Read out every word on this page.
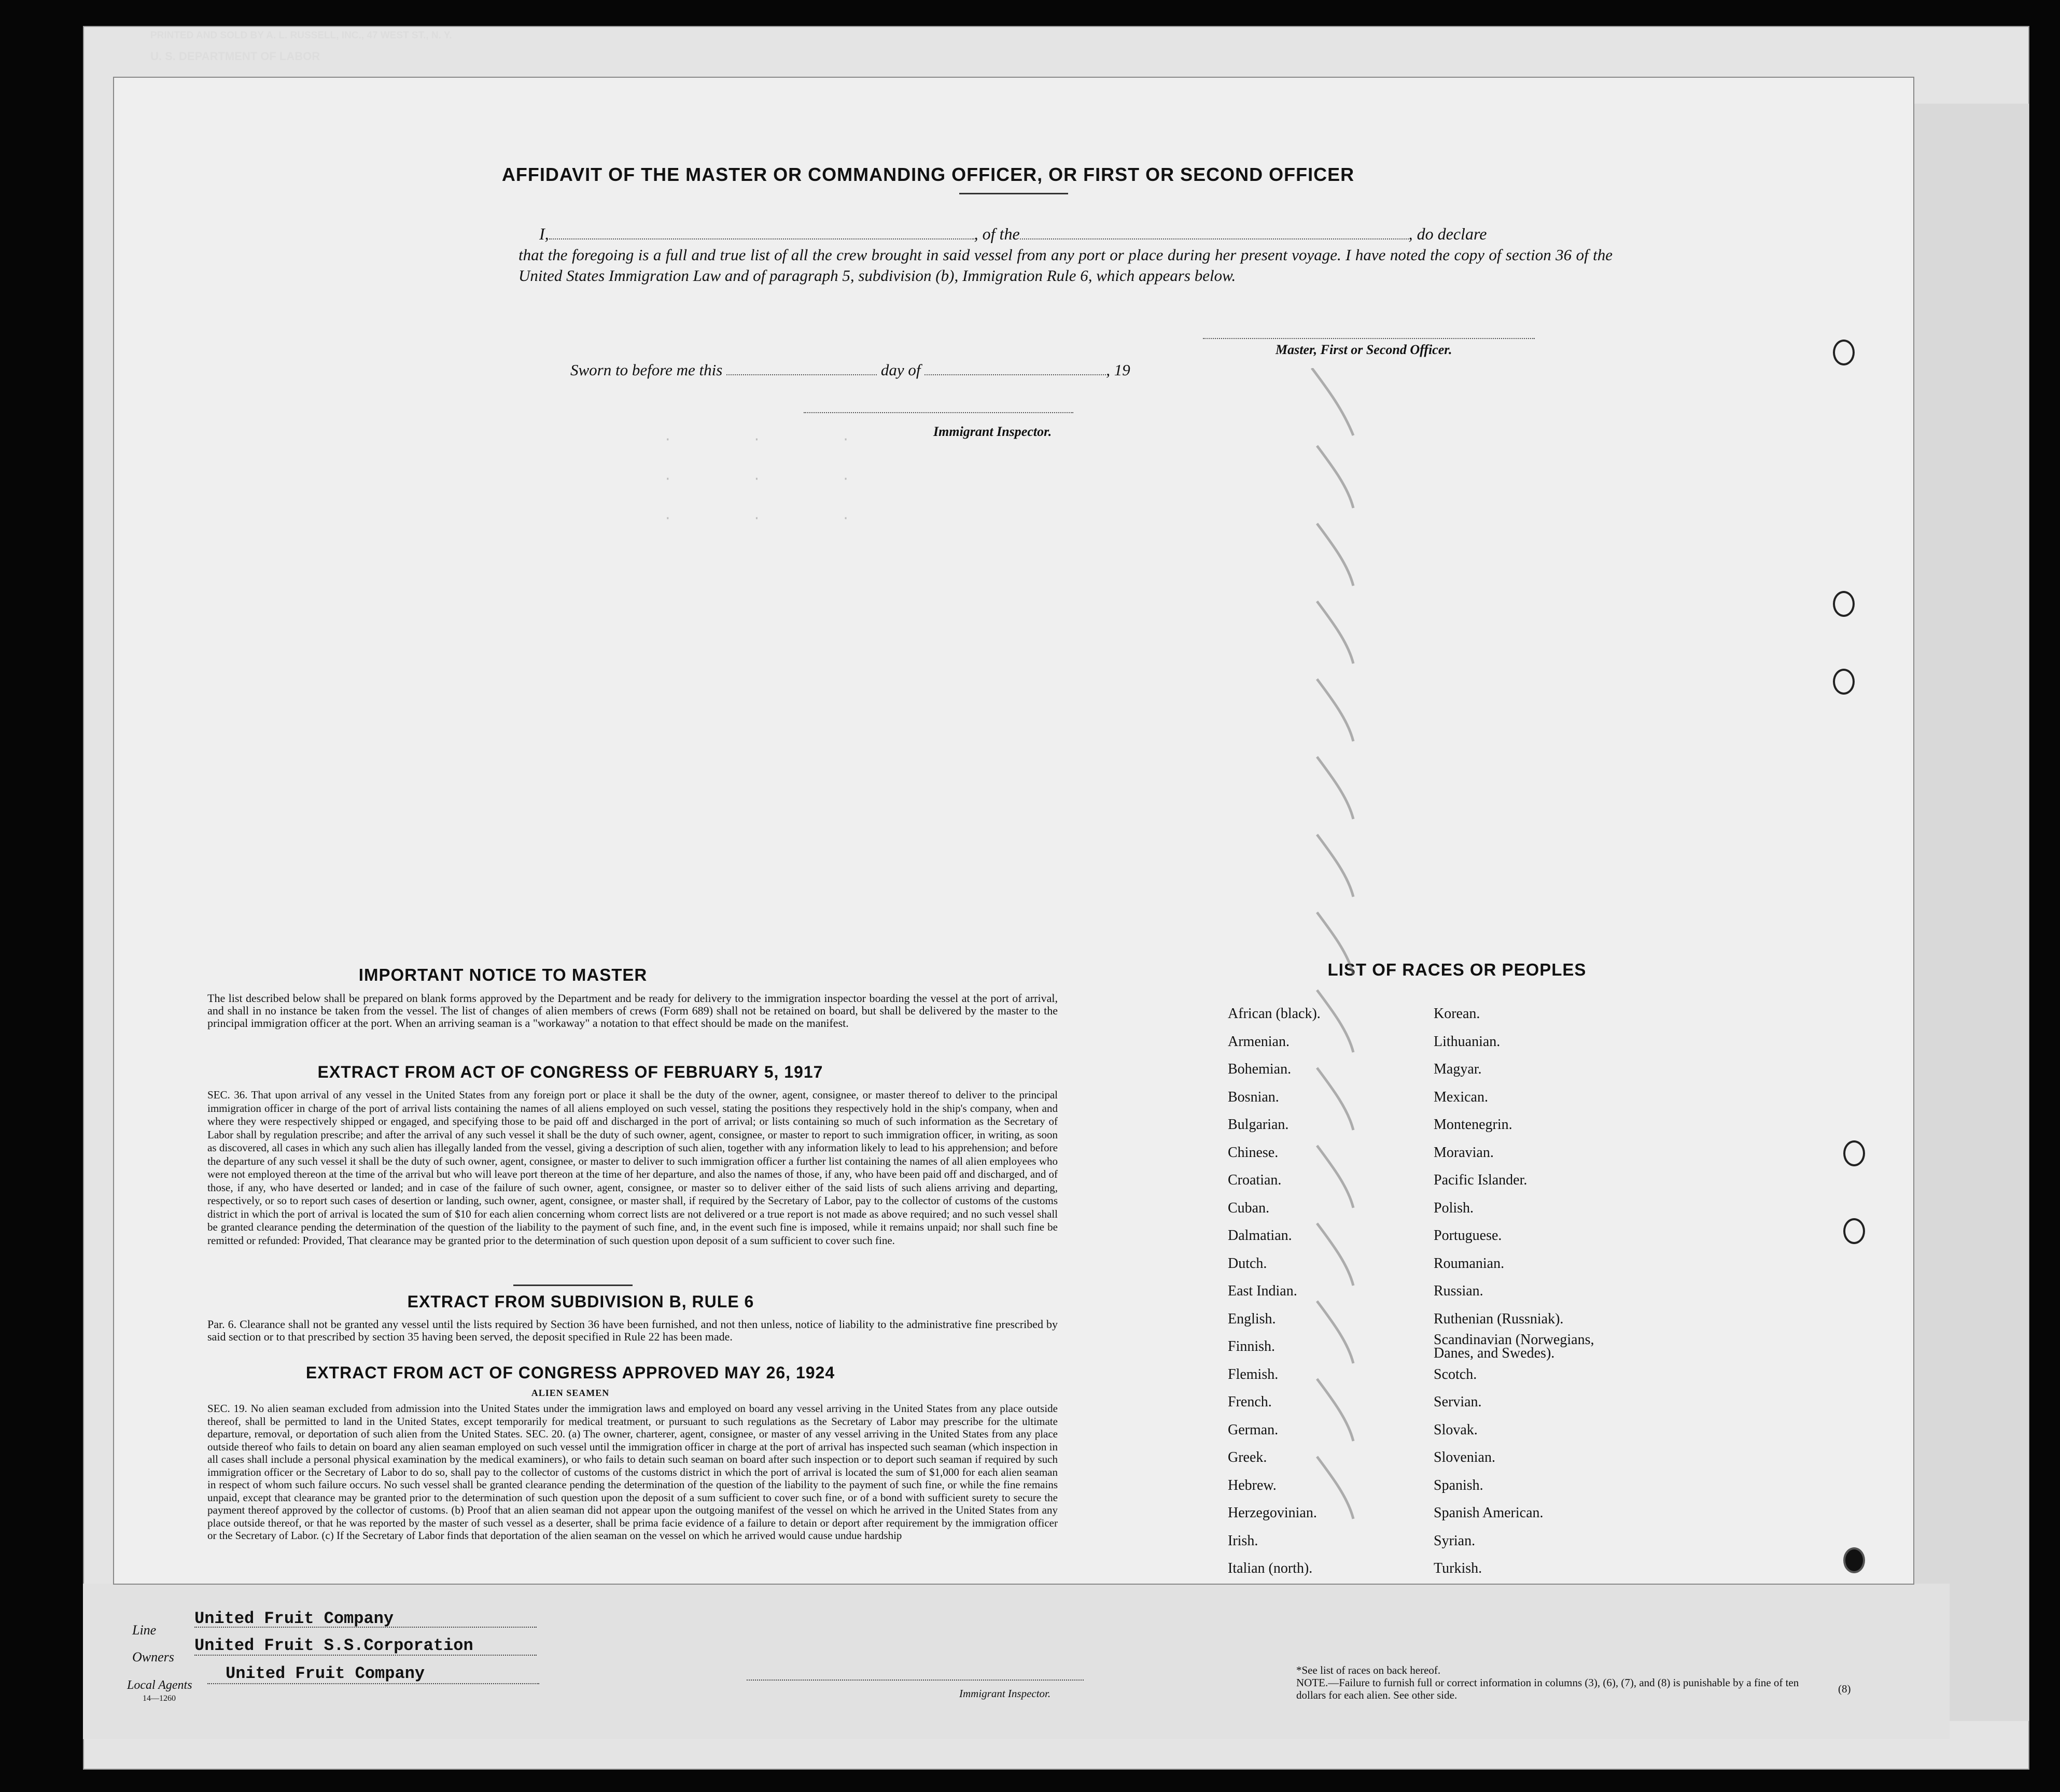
PRINTED AND SOLD BY A. L. RUSSELL, INC., 47 WEST ST., N. Y.
U. S. DEPARTMENT OF LABOR
AFFIDAVIT OF THE MASTER OR COMMANDING OFFICER, OR FIRST OR SECOND OFFICER
I,	, of the	, do declare
that the foregoing is a full and true list of all the crew brought in said vessel from any port or place during her present voyage. I have noted the copy of section 36 of the United States Immigration Law and of paragraph 5, subdivision (b), Immigration Rule 6, which appears below.
Master, First or Second Officer.
Sworn to before me this	day of	, 19
Immigrant Inspector.
·          ·          ·
·          ·          ·
·          ·          ·
IMPORTANT NOTICE TO MASTER
The list described below shall be prepared on blank forms approved by the Department and be ready for delivery to the immigration inspector boarding the vessel at the port of arrival, and shall in no instance be taken from the vessel. The list of changes of alien members of crews (Form 689) shall not be retained on board, but shall be delivered by the master to the principal immigration officer at the port. When an arriving seaman is a "workaway" a notation to that effect should be made on the manifest.
EXTRACT FROM ACT OF CONGRESS OF FEBRUARY 5, 1917
SEC. 36. That upon arrival of any vessel in the United States from any foreign port or place it shall be the duty of the owner, agent, consignee, or master thereof to deliver to the principal immigration officer in charge of the port of arrival lists containing the names of all aliens employed on such vessel, stating the positions they respectively hold in the ship's company, when and where they were respectively shipped or engaged, and specifying those to be paid off and discharged in the port of arrival; or lists containing so much of such information as the Secretary of Labor shall by regulation prescribe; and after the arrival of any such vessel it shall be the duty of such owner, agent, consignee, or master to report to such immigration officer, in writing, as soon as discovered, all cases in which any such alien has illegally landed from the vessel, giving a description of such alien, together with any information likely to lead to his apprehension; and before the departure of any such vessel it shall be the duty of such owner, agent, consignee, or master to deliver to such immigration officer a further list containing the names of all alien employees who were not employed thereon at the time of the arrival but who will leave port thereon at the time of her departure, and also the names of those, if any, who have been paid off and discharged, and of those, if any, who have deserted or landed; and in case of the failure of such owner, agent, consignee, or master so to deliver either of the said lists of such aliens arriving and departing, respectively, or so to report such cases of desertion or landing, such owner, agent, consignee, or master shall, if required by the Secretary of Labor, pay to the collector of customs of the customs district in which the port of arrival is located the sum of $10 for each alien concerning whom correct lists are not delivered or a true report is not made as above required; and no such vessel shall be granted clearance pending the determination of the question of the liability to the payment of such fine, and, in the event such fine is imposed, while it remains unpaid; nor shall such fine be remitted or refunded: Provided, That clearance may be granted prior to the determination of such question upon deposit of a sum sufficient to cover such fine.
EXTRACT FROM SUBDIVISION B, RULE 6
Par. 6. Clearance shall not be granted any vessel until the lists required by Section 36 have been furnished, and not then unless, notice of liability to the administrative fine prescribed by said section or to that prescribed by section 35 having been served, the deposit specified in Rule 22 has been made.
EXTRACT FROM ACT OF CONGRESS APPROVED MAY 26, 1924
ALIEN SEAMEN
SEC. 19. No alien seaman excluded from admission into the United States under the immigration laws and employed on board any vessel arriving in the United States from any place outside thereof, shall be permitted to land in the United States, except temporarily for medical treatment, or pursuant to such regulations as the Secretary of Labor may prescribe for the ultimate departure, removal, or deportation of such alien from the United States. SEC. 20. (a) The owner, charterer, agent, consignee, or master of any vessel arriving in the United States from any place outside thereof who fails to detain on board any alien seaman employed on such vessel until the immigration officer in charge at the port of arrival has inspected such seaman (which inspection in all cases shall include a personal physical examination by the medical examiners), or who fails to detain such seaman on board after such inspection or to deport such seaman if required by such immigration officer or the Secretary of Labor to do so, shall pay to the collector of customs of the customs district in which the port of arrival is located the sum of $1,000 for each alien seaman in respect of whom such failure occurs. No such vessel shall be granted clearance pending the determination of the question of the liability to the payment of such fine, or while the fine remains unpaid, except that clearance may be granted prior to the determination of such question upon the deposit of a sum sufficient to cover such fine, or of a bond with sufficient surety to secure the payment thereof approved by the collector of customs. (b) Proof that an alien seaman did not appear upon the outgoing manifest of the vessel on which he arrived in the United States from any place outside thereof, or that he was reported by the master of such vessel as a deserter, shall be prima facie evidence of a failure to detain or deport after requirement by the immigration officer or the Secretary of Labor. (c) If the Secretary of Labor finds that deportation of the alien seaman on the vessel on which he arrived would cause undue hardship
LIST OF RACES OR PEOPLES
African (black).
Armenian.
Bohemian.
Bosnian.
Bulgarian.
Chinese.
Croatian.
Cuban.
Dalmatian.
Dutch.
East Indian.
English.
Finnish.
Flemish.
French.
German.
Greek.
Hebrew.
Herzegovinian.
Irish.
Italian (north).
Korean.
Lithuanian.
Magyar.
Mexican.
Montenegrin.
Moravian.
Pacific Islander.
Polish.
Portuguese.
Roumanian.
Russian.
Ruthenian (Russniak).
Scandinavian (Norwegians, Danes, and Swedes).
Scotch.
Servian.
Slovak.
Slovenian.
Spanish.
Spanish American.
Syrian.
Turkish.
Line
United Fruit Company
Owners
United Fruit S.S.Corporation
Local Agents
United Fruit Company
14—1260	Immigrant Inspector.
*See list of races on back hereof.
NOTE.—Failure to furnish full or correct information in columns (3), (6), (7), and (8) is punishable by a fine of ten dollars for each alien. See other side.	(8)
